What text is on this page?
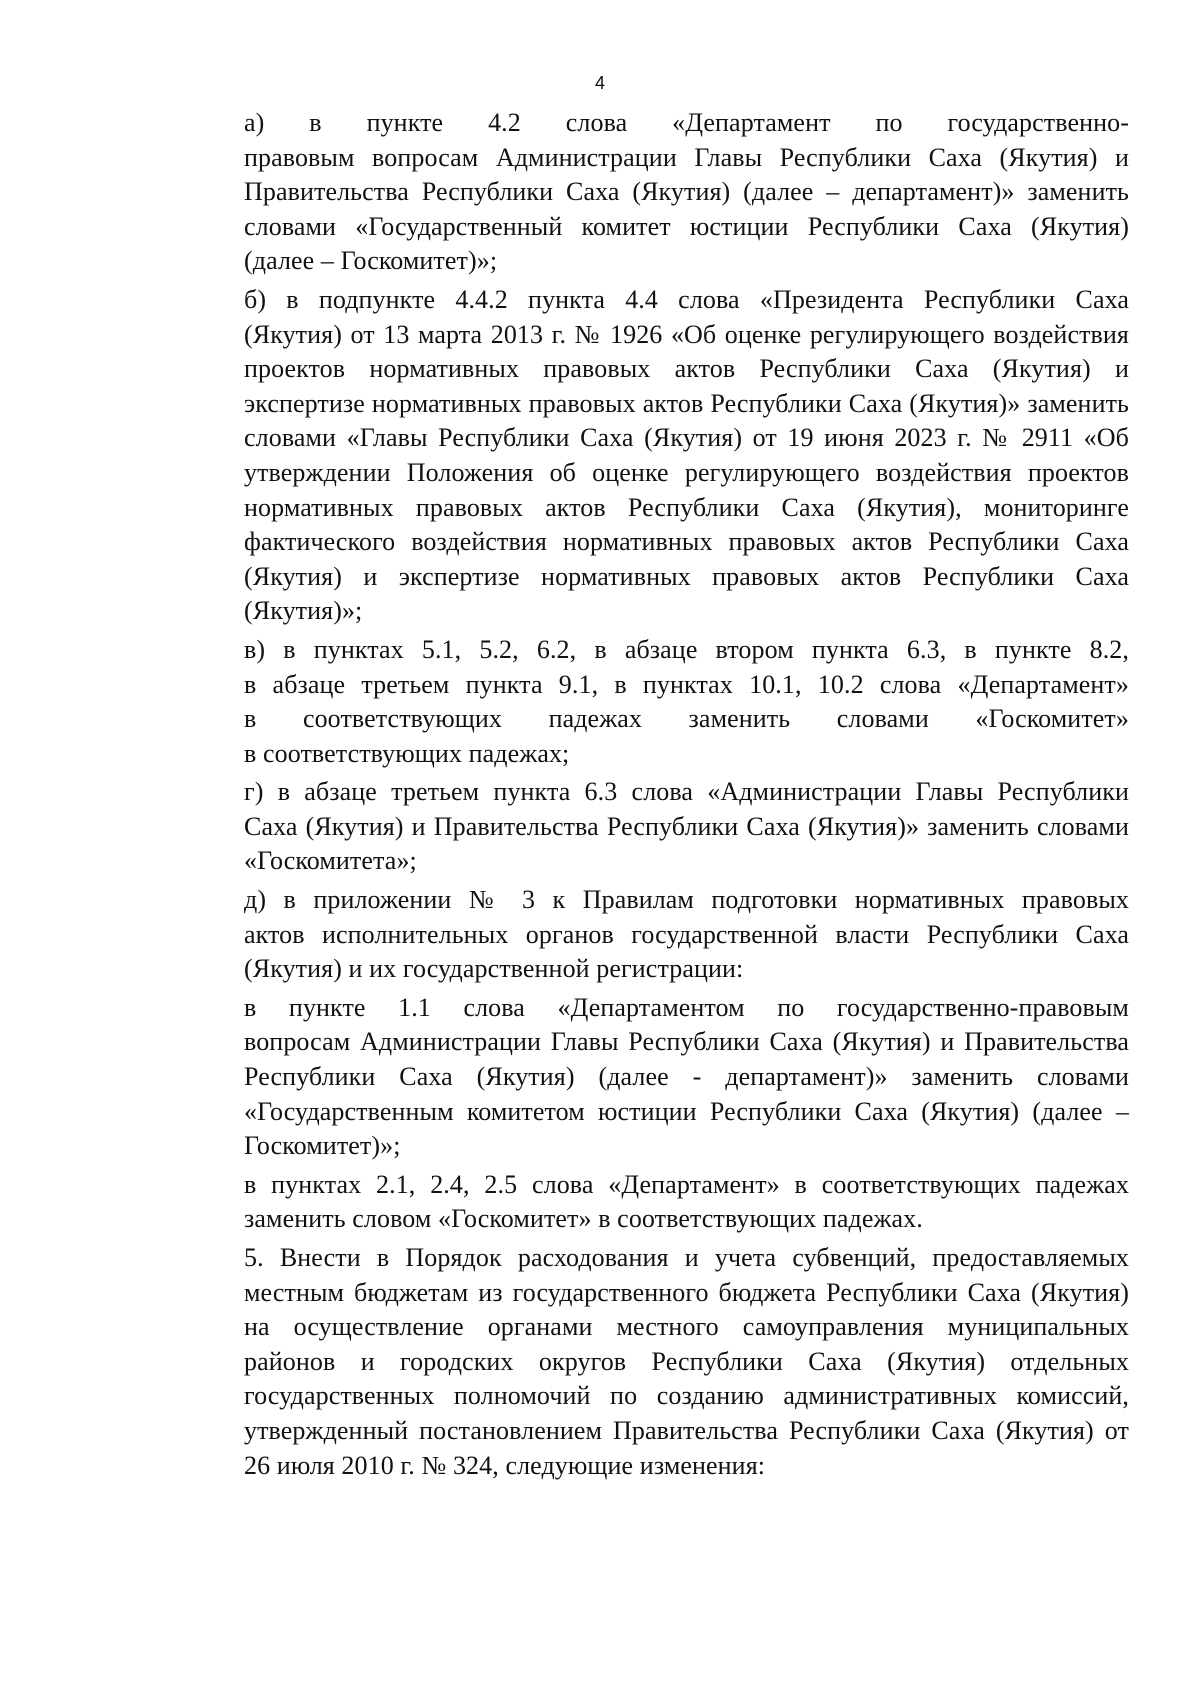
4

а) в пункте 4.2 слова «Департамент по государственно-
правовым вопросам Администрации Главы Республики Саха (Якутия) и
Правительства Республики Саха (Якутия) (далее – департамент)» заменить
словами «Государственный комитет юстиции Республики Саха (Якутия)
(далее – Госкомитет)»;

б) в подпункте 4.4.2 пункта 4.4 слова «Президента Республики Саха
(Якутия) от 13 марта 2013 г. № 1926 «Об оценке регулирующего воздействия
проектов нормативных правовых актов Республики Саха (Якутия) и
экспертизе нормативных правовых актов Республики Саха (Якутия)» заменить
словами «Главы Республики Саха (Якутия) от 19 июня 2023 г. № 2911 «Об
утверждении Положения об оценке регулирующего воздействия проектов
нормативных правовых актов Республики Саха (Якутия), мониторинге
фактического воздействия нормативных правовых актов Республики Саха
(Якутия) и экспертизе нормативных правовых актов Республики Саха
(Якутия)»;

в) в пунктах 5.1, 5.2, 6.2, в абзаце втором пункта 6.3, в пункте 8.2,
в абзаце третьем пункта 9.1, в пунктах 10.1, 10.2 слова «Департамент»
в соответствующих падежах заменить словами «Госкомитет»
в соответствующих падежах;

г) в абзаце третьем пункта 6.3 слова «Администрации Главы Республики
Саха (Якутия) и Правительства Республики Саха (Якутия)» заменить словами
«Госкомитета»;

д) в приложении № 3 к Правилам подготовки нормативных правовых
актов исполнительных органов государственной власти Республики Саха
(Якутия) и их государственной регистрации:

в пункте 1.1 слова «Департаментом по государственно-правовым
вопросам Администрации Главы Республики Саха (Якутия) и Правительства
Республики Саха (Якутия) (далее - департамент)» заменить словами
«Государственным комитетом юстиции Республики Саха (Якутия) (далее –
Госкомитет)»;

в пунктах 2.1, 2.4, 2.5 слова «Департамент» в соответствующих падежах
заменить словом «Госкомитет» в соответствующих падежах.

5. Внести в Порядок расходования и учета субвенций, предоставляемых
местным бюджетам из государственного бюджета Республики Саха (Якутия)
на осуществление органами местного самоуправления муниципальных
районов и городских округов Республики Саха (Якутия) отдельных
государственных полномочий по созданию административных комиссий,
утвержденный постановлением Правительства Республики Саха (Якутия) от
26 июля 2010 г. № 324, следующие изменения:
